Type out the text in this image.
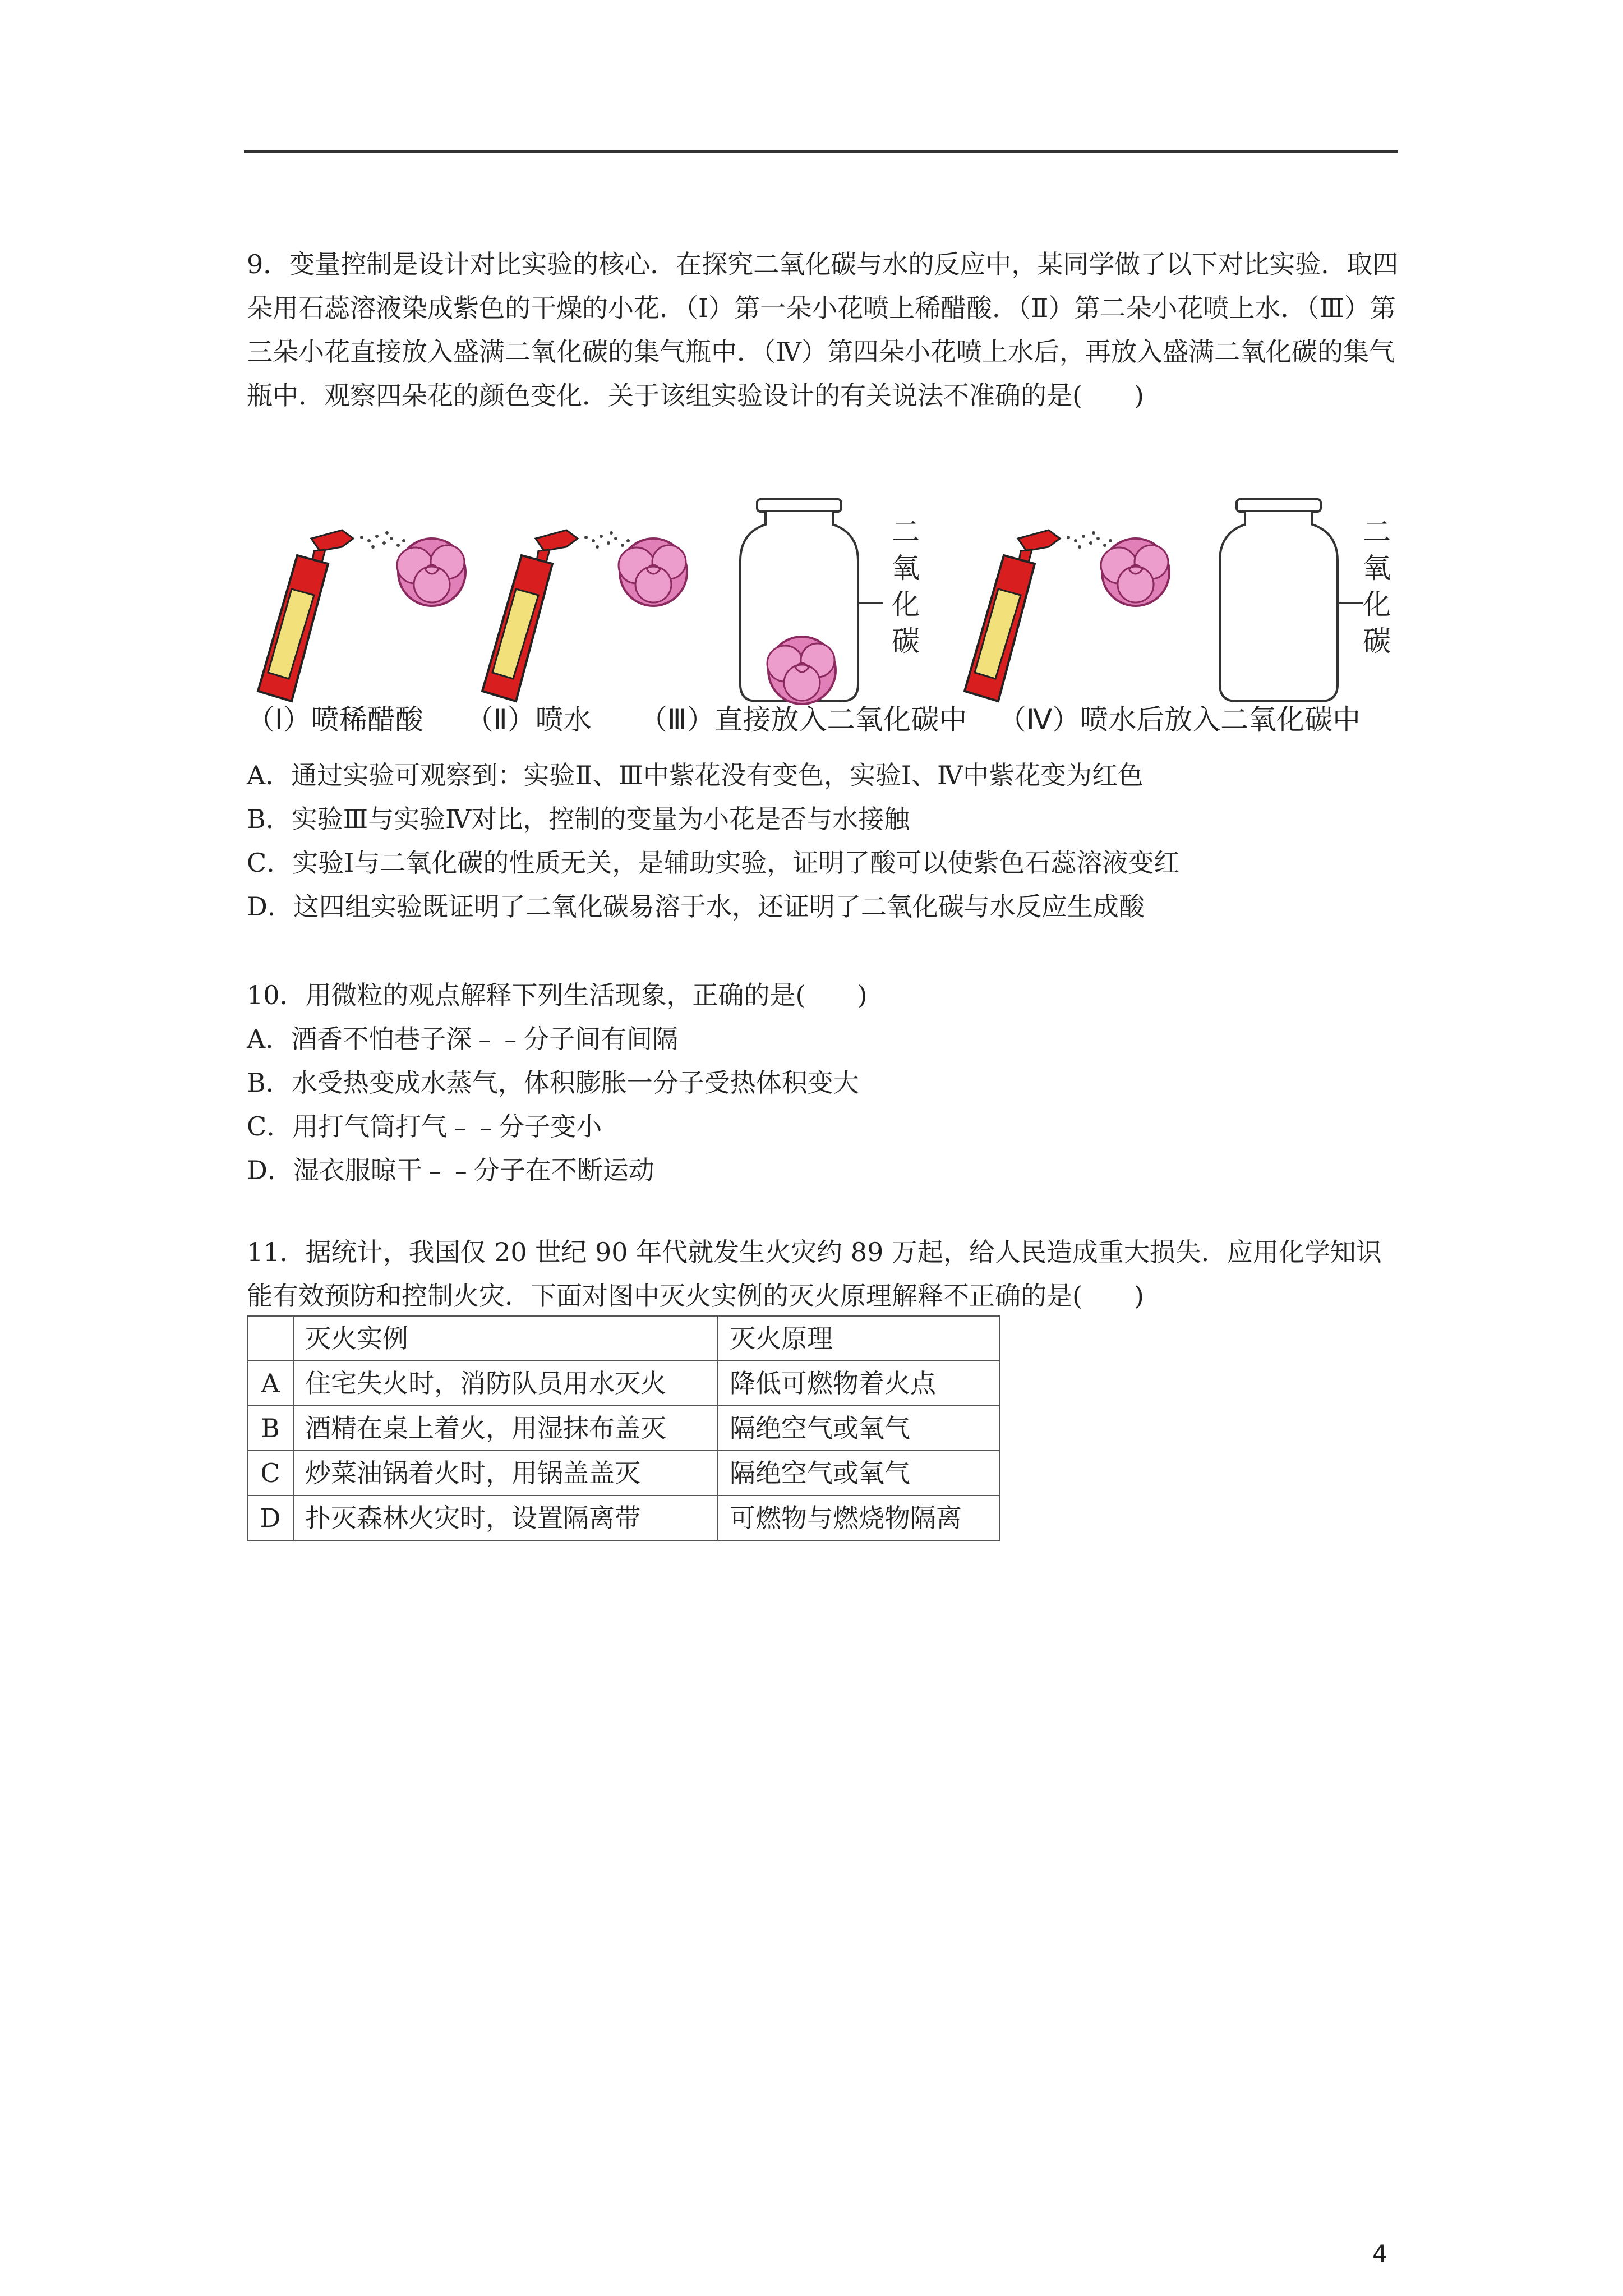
9．变量控制是设计对比实验的核心．在探究二氧化碳与水的反应中，某同学做了以下对比实验．取四朵用石蕊溶液染成紫色的干燥的小花．（Ⅰ）第一朵小花喷上稀醋酸．（Ⅱ）第二朵小花喷上水．（Ⅲ）第三朵小花直接放入盛满二氧化碳的集气瓶中．（Ⅳ）第四朵小花喷上水后，再放入盛满二氧化碳的集气瓶中．观察四朵花的颜色变化．关于该组实验设计的有关说法不准确的是(　　)

二
氧
化
碳
二
氧
化
碳
（Ⅰ）喷稀醋酸 （Ⅱ）喷水 （Ⅲ）直接放入二氧化碳中 （Ⅳ）喷水后放入二氧化碳中

A．通过实验可观察到：实验Ⅱ、Ⅲ中紫花没有变色，实验Ⅰ、Ⅳ中紫花变为红色

B．实验Ⅲ与实验Ⅳ对比，控制的变量为小花是否与水接触

C．实验Ⅰ与二氧化碳的性质无关，是辅助实验，证明了酸可以使紫色石蕊溶液变红

D．这四组实验既证明了二氧化碳易溶于水，还证明了二氧化碳与水反应生成酸

10．用微粒的观点解释下列生活现象，正确的是(　　)

A．酒香不怕巷子深﹣﹣分子间有间隔

B．水受热变成水蒸气，体积膨胀一分子受热体积变大

C．用打气筒打气﹣﹣分子变小

D．湿衣服晾干﹣﹣分子在不断运动

11．据统计，我国仅 20 世纪 90 年代就发生火灾约 89 万起，给人民造成重大损失．应用化学知识能有效预防和控制火灾．下面对图中灭火实例的灭火原理解释不正确的是(　　)

	灭火实例	灭火原理
A	住宅失火时，消防队员用水灭火	降低可燃物着火点
B	酒精在桌上着火，用湿抹布盖灭	隔绝空气或氧气
C	炒菜油锅着火时，用锅盖盖灭	隔绝空气或氧气
D	扑灭森林火灾时，设置隔离带	可燃物与燃烧物隔离
4
